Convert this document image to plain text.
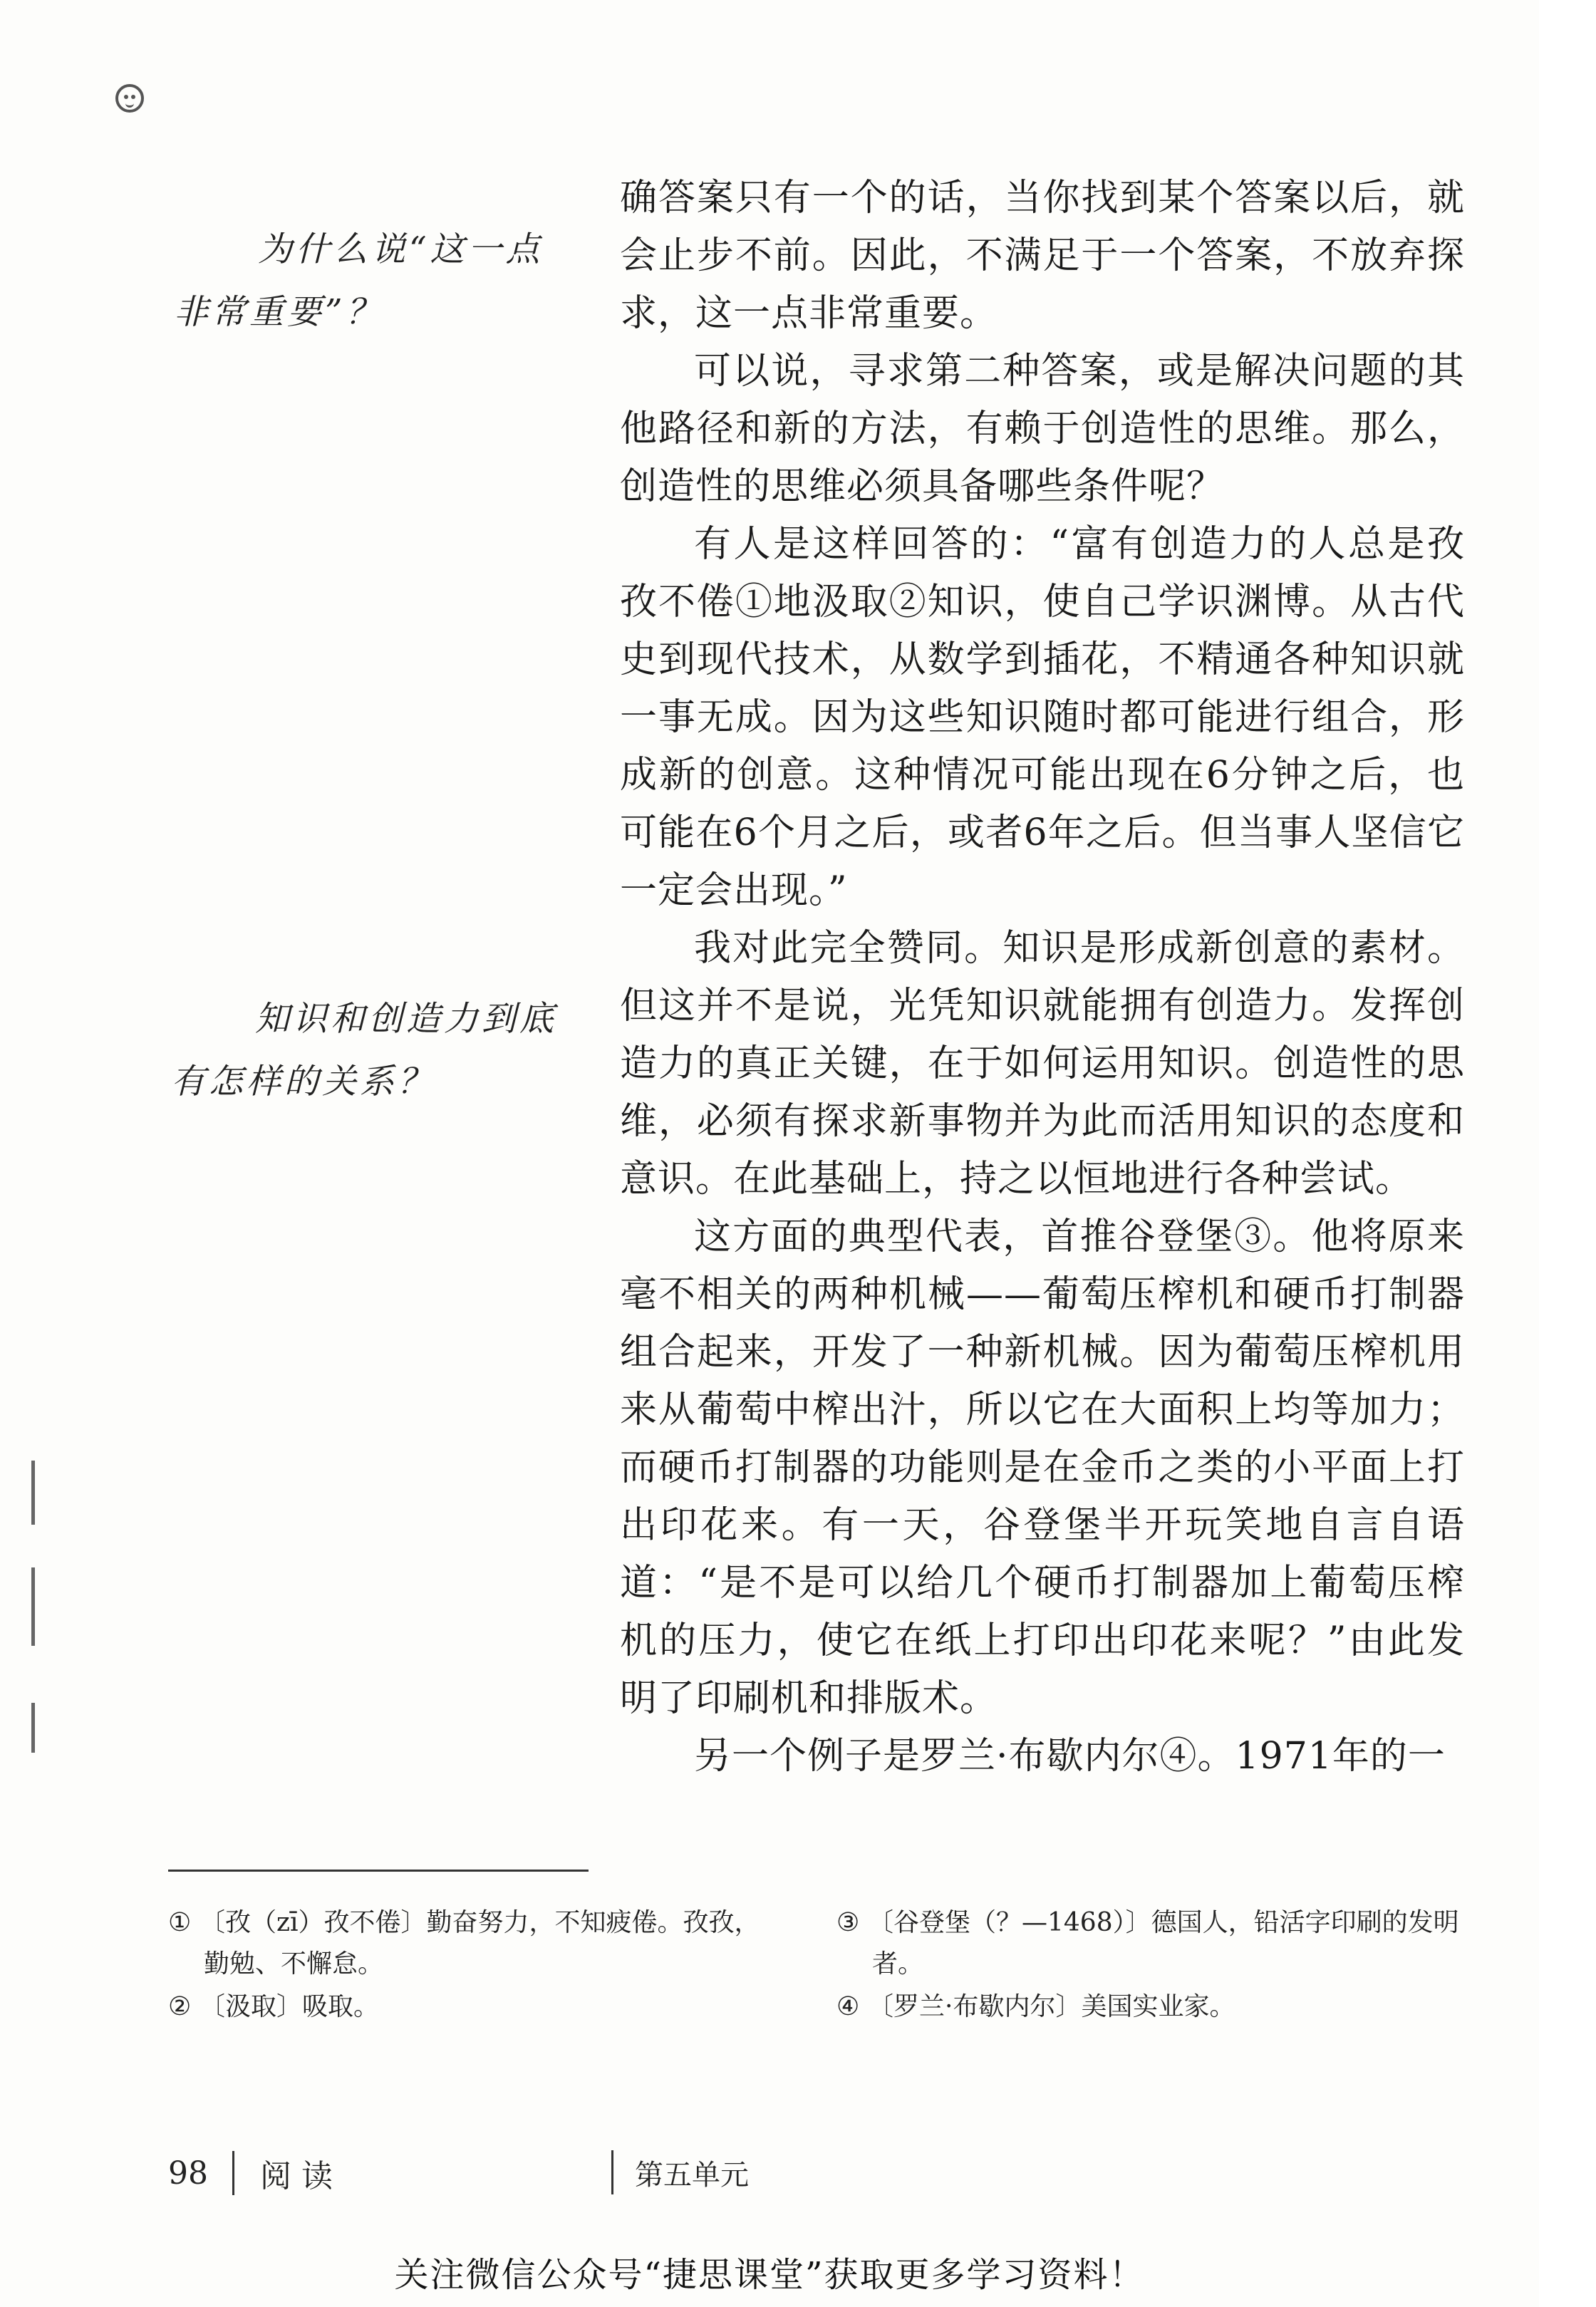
为什么说“这一点非常重要”？
知识和创造力到底有怎样的关系？

确答案只有一个的话，当你找到某个答案以后，就会止步不前。因此，不满足于一个答案，不放弃探求，这一点非常重要。

可以说，寻求第二种答案，或是解决问题的其他路径和新的方法，有赖于创造性的思维。那么，创造性的思维必须具备哪些条件呢？

有人是这样回答的：“富有创造力的人总是孜孜不倦①地汲取②知识，使自己学识渊博。从古代史到现代技术，从数学到插花，不精通各种知识就一事无成。因为这些知识随时都可能进行组合，形成新的创意。这种情况可能出现在6分钟之后，也可能在6个月之后，或者6年之后。但当事人坚信它一定会出现。”

我对此完全赞同。知识是形成新创意的素材。但这并不是说，光凭知识就能拥有创造力。发挥创造力的真正关键，在于如何运用知识。创造性的思维，必须有探求新事物并为此而活用知识的态度和意识。在此基础上，持之以恒地进行各种尝试。

这方面的典型代表，首推谷登堡③。他将原来毫不相关的两种机械——葡萄压榨机和硬币打制器组合起来，开发了一种新机械。因为葡萄压榨机用来从葡萄中榨出汁，所以它在大面积上均等加力；而硬币打制器的功能则是在金币之类的小平面上打出印花来。有一天，谷登堡半开玩笑地自言自语道：“是不是可以给几个硬币打制器加上葡萄压榨机的压力，使它在纸上打印出印花来呢？”由此发明了印刷机和排版术。

另一个例子是罗兰·布歇内尔④。1971年的一

① 〔孜（zī）孜不倦〕勤奋努力，不知疲倦。孜孜，勤勉、不懈怠。
② 〔汲取〕吸取。
③ 〔谷登堡（？—1468）〕德国人，铅活字印刷的发明者。
④ 〔罗兰·布歇内尔〕美国实业家。
98 阅 读	第五单元
关注微信公众号“捷思课堂”获取更多学习资料！
